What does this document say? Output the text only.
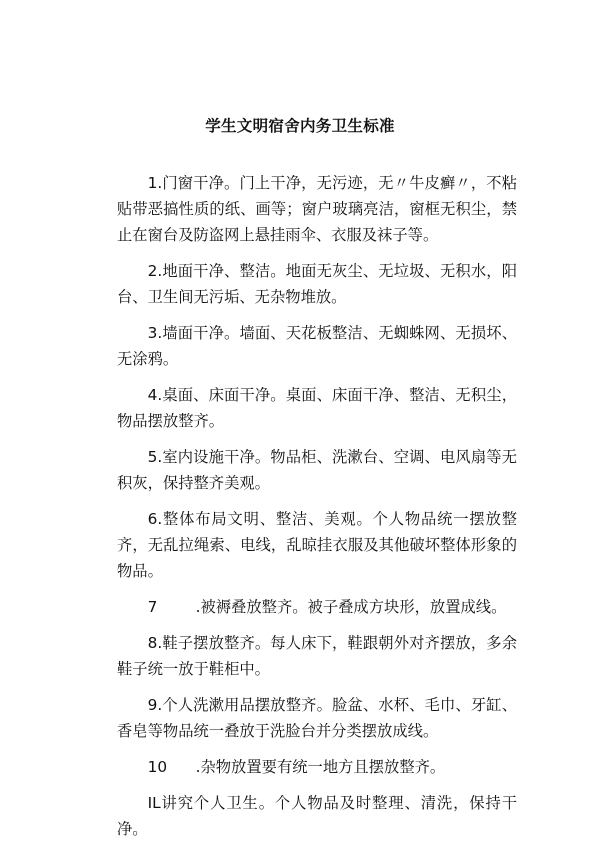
学生文明宿舍内务卫生标准

1.门窗干净。门上干净，无污迹，无〃牛皮癣〃，不粘贴带恶搞性质的纸、画等；窗户玻璃亮洁，窗框无积尘，禁止在窗台及防盗网上悬挂雨伞、衣服及袜子等。

2.地面干净、整洁。地面无灰尘、无垃圾、无积水，阳台、卫生间无污垢、无杂物堆放。

3.墙面干净。墙面、天花板整洁、无蜘蛛网、无损坏、无涂鸦。

4.桌面、床面干净。桌面、床面干净、整洁、无积尘，物品摆放整齐。

5.室内设施干净。物品柜、洗漱台、空调、电风扇等无积灰，保持整齐美观。

6.整体布局文明、整洁、美观。个人物品统一摆放整齐，无乱拉绳索、电线，乱晾挂衣服及其他破坏整体形象的物品。

7	.被褥叠放整齐。被子叠成方块形，放置成线。

8.鞋子摆放整齐。每人床下，鞋跟朝外对齐摆放，多余鞋子统一放于鞋柜中。

9.个人洗漱用品摆放整齐。脸盆、水杯、毛巾、牙缸、香皂等物品统一叠放于洗脸台并分类摆放成线。

10 .杂物放置要有统一地方且摆放整齐。

IL讲究个人卫生。个人物品及时整理、清洗，保持干净。
